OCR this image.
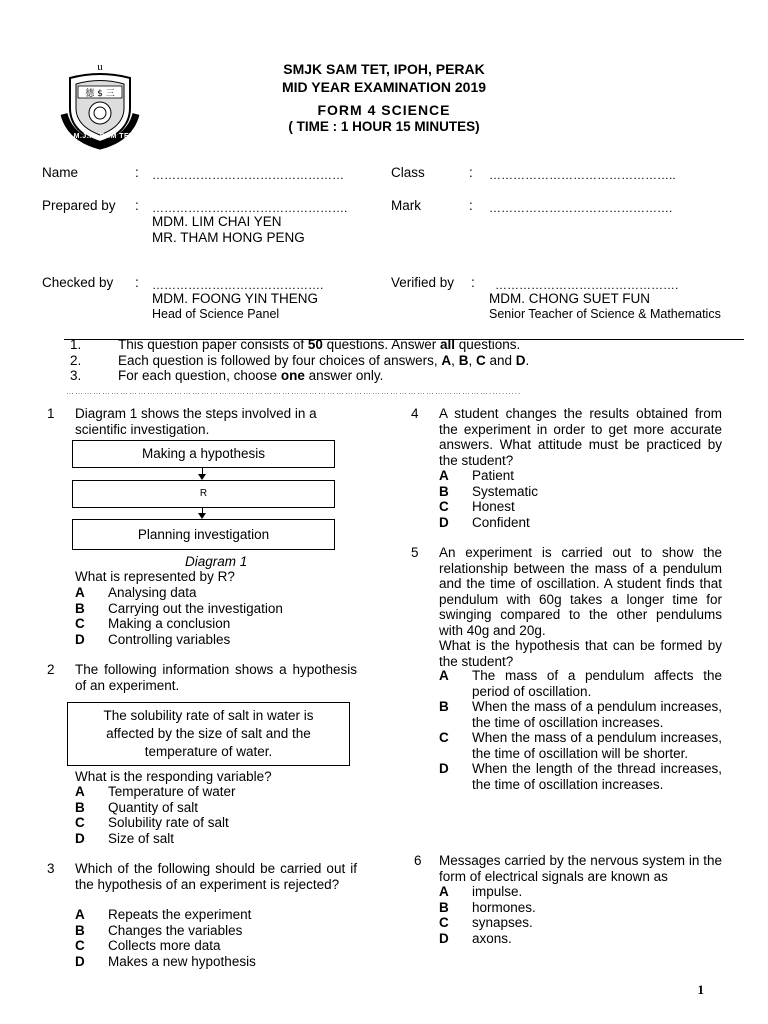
u
德 $ 三
S.M.J.K. SAM TET
SMJK SAM TET, IPOH, PERAK
MID YEAR EXAMINATION 2019
FORM 4 SCIENCE
( TIME : 1 HOUR 15 MINUTES)
Name	: …………………………………………	Class	: ………………………………………..
Prepared by : ………………………………………….
MDM. LIM CHAI YEN
MR. THAM HONG PENG
Mark	: ……………………………………….
Checked by : …………………………………….
MDM. FOONG YIN THENG
Head of Science Panel
Verified by : ……………………………………….
MDM. CHONG SUET FUN
Senior Teacher of Science & Mathematics
1.	This question paper consists of 50 questions. Answer all questions.
2.	Each question is followed by four choices of answers, A, B, C and D.
3.	For each question, choose one answer only.
……………………………………………………………………………………………………………………………..........
1 Diagram 1 shows the steps involved in a scientific investigation.
Making a hypothesis
R
Planning investigation
Diagram 1
What is represented by R?
A	Analysing data
B	Carrying out the investigation
C	Making a conclusion
D	Controlling variables
2 The following information shows a hypothesis of an experiment.
The solubility rate of salt in water is affected by the size of salt and the temperature of water.
What is the responding variable?
A	Temperature of water
B	Quantity of salt
C	Solubility rate of salt
D	Size of salt
3 Which of the following should be carried out if the hypothesis of an experiment is rejected?
A	Repeats the experiment
B	Changes the variables
C	Collects more data
D	Makes a new hypothesis
4 A student changes the results obtained from the experiment in order to get more accurate answers. What attitude must be practiced by the student?
A	Patient
B	Systematic
C	Honest
D	Confident
5 An experiment is carried out to show the relationship between the mass of a pendulum and the time of oscillation. A student finds that pendulum with 60g takes a longer time for swinging compared to the other pendulums with 40g and 20g.
What is the hypothesis that can be formed by the student?
A	The mass of a pendulum affects the period of oscillation.
B	When the mass of a pendulum increases, the time of oscillation increases.
C	When the mass of a pendulum increases, the time of oscillation will be shorter.
D	When the length of the thread increases, the time of oscillation increases.
6 Messages carried by the nervous system in the form of electrical signals are known as
A	impulse.
B	hormones.
C	synapses.
D	axons.
1
